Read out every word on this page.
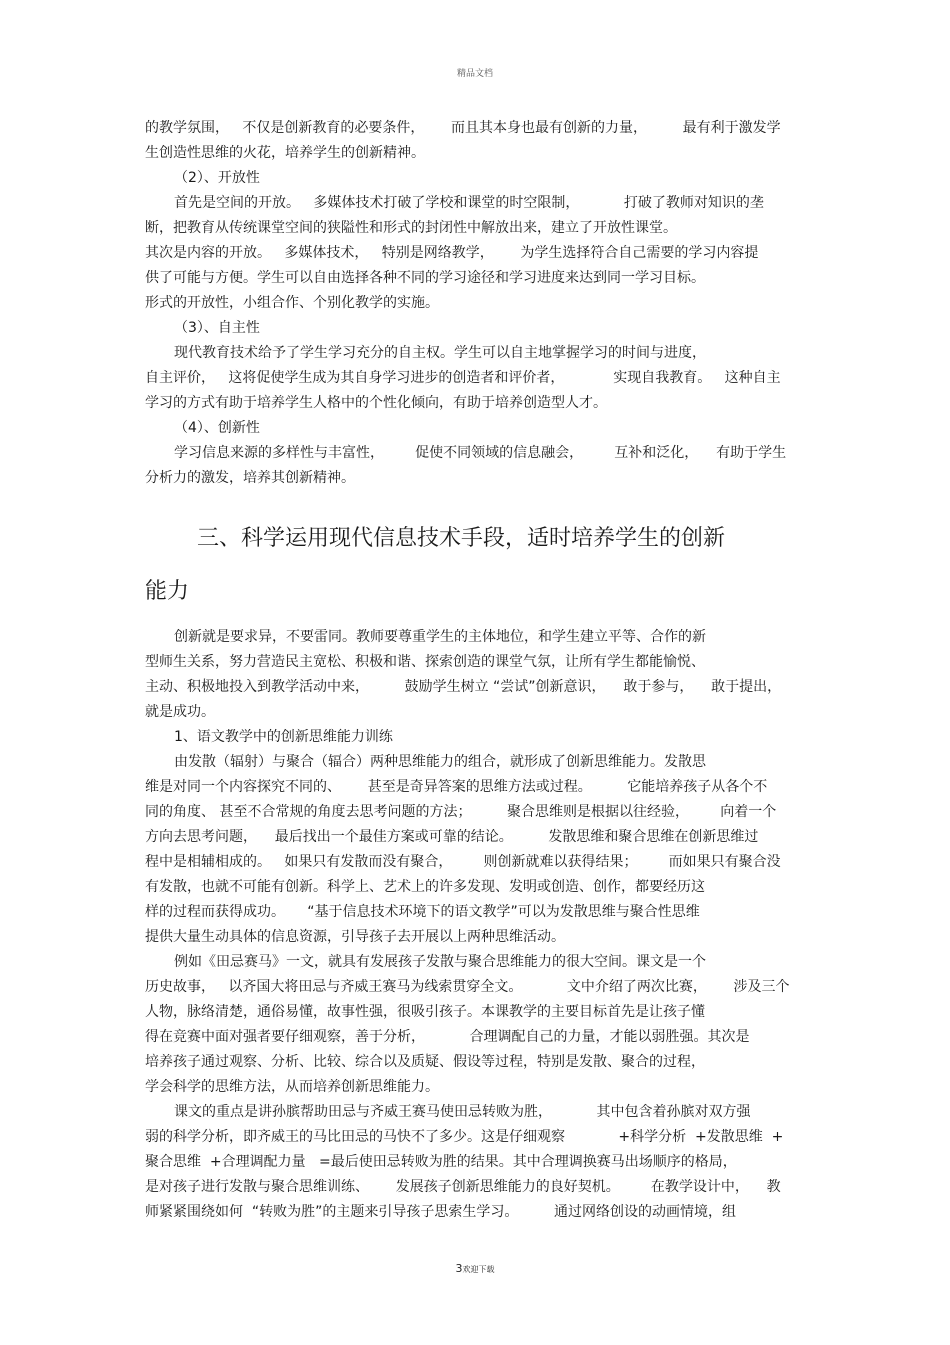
精品文档
的教学氛围，   不仅是创新教育的必要条件，      而且其本身也最有创新的力量，        最有利于激发学
生创造性思维的火花，培养学生的创新精神。
（2）、开放性
首先是空间的开放。   多媒体技术打破了学校和课堂的时空限制，          打破了教师对知识的垄
断，把教育从传统课堂空间的狭隘性和形式的封闭性中解放出来，建立了开放性课堂。
其次是内容的开放。   多媒体技术，   特别是网络教学，      为学生选择符合自己需要的学习内容提
供了可能与方便。学生可以自由选择各种不同的学习途径和学习进度来达到同一学习目标。
形式的开放性，小组合作、个别化教学的实施。
（3）、自主性
现代教育技术给予了学生学习充分的自主权。学生可以自主地掌握学习的时间与进度，
自主评价，   这将促使学生成为其自身学习进步的创造者和评价者，           实现自我教育。   这种自主
学习的方式有助于培养学生人格中的个性化倾向，有助于培养创造型人才。
（4）、创新性
学习信息来源的多样性与丰富性，       促使不同领域的信息融会，       互补和泛化，    有助于学生
分析力的激发，培养其创新精神。
三、科学运用现代信息技术手段，适时培养学生的创新
能力
创新就是要求异，不要雷同。教师要尊重学生的主体地位，和学生建立平等、合作的新
型师生关系，努力营造民主宽松、积极和谐、探索创造的课堂气氛，让所有学生都能愉悦、
主动、积极地投入到教学活动中来，        鼓励学生树立 “尝试”创新意识，    敢于参与，    敢于提出，
就是成功。
1、语文教学中的创新思维能力训练
由发散（辐射）与聚合（辐合）两种思维能力的组合，就形成了创新思维能力。发散思
维是对同一个内容探究不同的、      甚至是奇异答案的思维方法或过程。        它能培养孩子从各个不
同的角度、 甚至不合常规的角度去思考问题的方法；        聚合思维则是根据以往经验，       向着一个
方向去思考问题，    最后找出一个最佳方案或可靠的结论。        发散思维和聚合思维在创新思维过
程中是相辅相成的。   如果只有发散而没有聚合，       则创新就难以获得结果；       而如果只有聚合没
有发散，也就不可能有创新。科学上、艺术上的许多发现、发明或创造、创作，都要经历这
样的过程而获得成功。     “基于信息技术环境下的语文教学”可以为发散思维与聚合性思维
提供大量生动具体的信息资源，引导孩子去开展以上两种思维活动。
例如《田忌赛马》一文，就具有发展孩子发散与聚合思维能力的很大空间。课文是一个
历史故事，   以齐国大将田忌与齐威王赛马为线索贯穿全文。          文中介绍了两次比赛，      涉及三个
人物，脉络清楚，通俗易懂，故事性强，很吸引孩子。本课教学的主要目标首先是让孩子懂
得在竞赛中面对强者要仔细观察，善于分析，          合理调配自己的力量，才能以弱胜强。其次是
培养孩子通过观察、分析、比较、综合以及质疑、假设等过程，特别是发散、聚合的过程，
学会科学的思维方法，从而培养创新思维能力。
课文的重点是讲孙膑帮助田忌与齐威王赛马使田忌转败为胜，          其中包含着孙膑对双方强
弱的科学分析，即齐威王的马比田忌的马快不了多少。这是仔细观察            +科学分析  +发散思维  +
聚合思维  +合理调配力量   =最后使田忌转败为胜的结果。其中合理调换赛马出场顺序的格局，
是对孩子进行发散与聚合思维训练、      发展孩子创新思维能力的良好契机。       在教学设计中，    教
师紧紧围绕如何  “转败为胜”的主题来引导孩子思索生学习。        通过网络创设的动画情境，组
3欢迎下载
